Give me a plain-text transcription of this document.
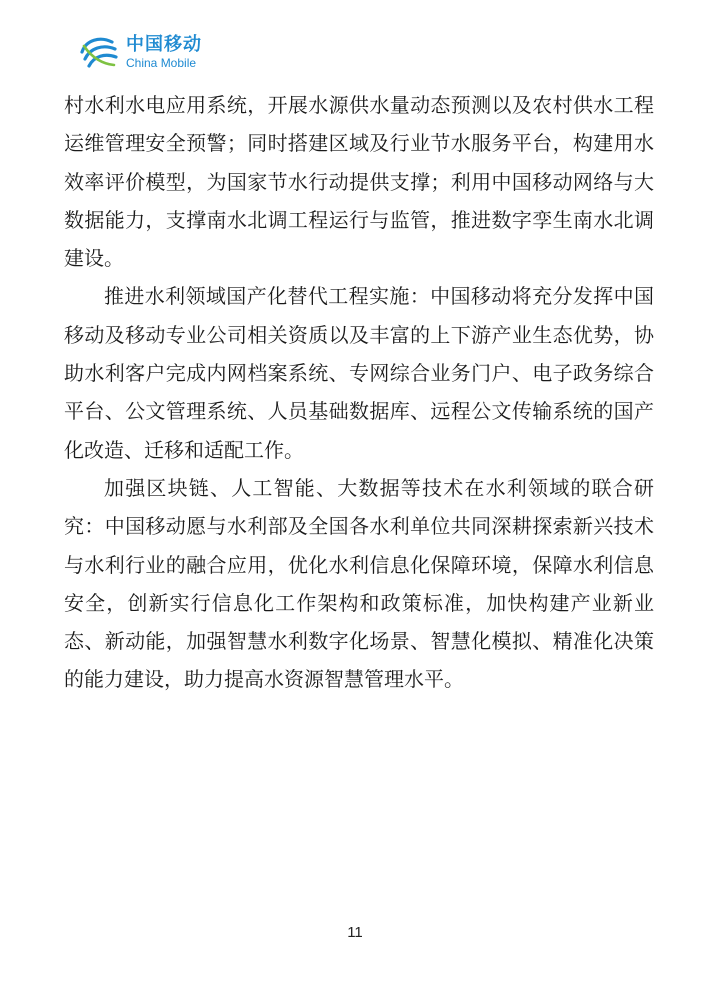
中国移动
China Mobile

村水利水电应用系统，开展水源供水量动态预测以及农村供水工程运维管理安全预警；同时搭建区域及行业节水服务平台，构建用水效率评价模型，为国家节水行动提供支撑；利用中国移动网络与大数据能力，支撑南水北调工程运行与监管，推进数字孪生南水北调建设。

推进水利领域国产化替代工程实施：中国移动将充分发挥中国移动及移动专业公司相关资质以及丰富的上下游产业生态优势，协助水利客户完成内网档案系统、专网综合业务门户、电子政务综合平台、公文管理系统、人员基础数据库、远程公文传输系统的国产化改造、迁移和适配工作。

加强区块链、人工智能、大数据等技术在水利领域的联合研究：中国移动愿与水利部及全国各水利单位共同深耕探索新兴技术与水利行业的融合应用，优化水利信息化保障环境，保障水利信息安全，创新实行信息化工作架构和政策标准，加快构建产业新业态、新动能，加强智慧水利数字化场景、智慧化模拟、精准化决策的能力建设，助力提高水资源智慧管理水平。

11
